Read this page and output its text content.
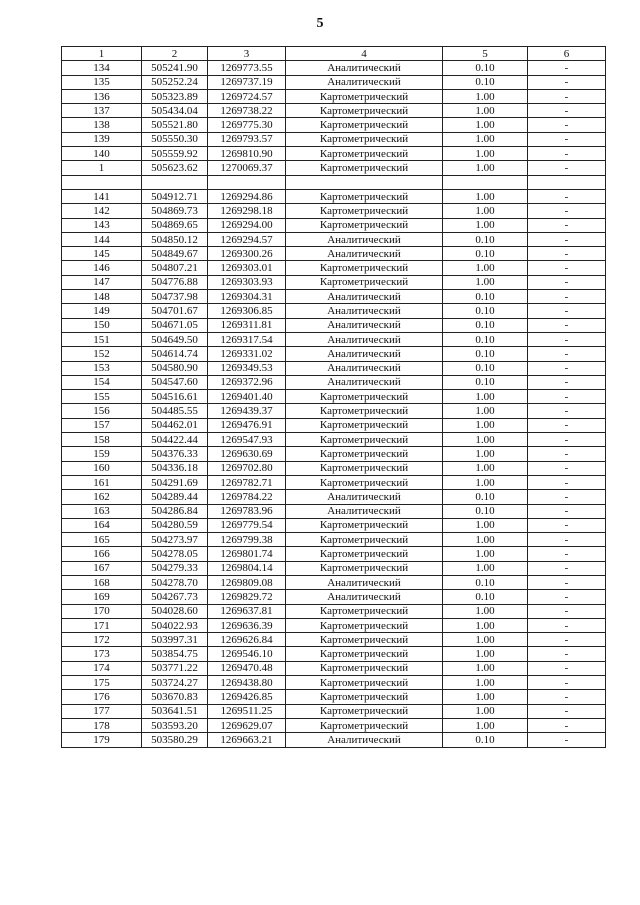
5
1	2	3	4	5	6
134	505241.90	1269773.55	Аналитический	0.10	-
135	505252.24	1269737.19	Аналитический	0.10	-
136	505323.89	1269724.57	Картометрический	1.00	-
137	505434.04	1269738.22	Картометрический	1.00	-
138	505521.80	1269775.30	Картометрический	1.00	-
139	505550.30	1269793.57	Картометрический	1.00	-
140	505559.92	1269810.90	Картометрический	1.00	-
1	505623.62	1270069.37	Картометрический	1.00	-

141	504912.71	1269294.86	Картометрический	1.00	-
142	504869.73	1269298.18	Картометрический	1.00	-
143	504869.65	1269294.00	Картометрический	1.00	-
144	504850.12	1269294.57	Аналитический	0.10	-
145	504849.67	1269300.26	Аналитический	0.10	-
146	504807.21	1269303.01	Картометрический	1.00	-
147	504776.88	1269303.93	Картометрический	1.00	-
148	504737.98	1269304.31	Аналитический	0.10	-
149	504701.67	1269306.85	Аналитический	0.10	-
150	504671.05	1269311.81	Аналитический	0.10	-
151	504649.50	1269317.54	Аналитический	0.10	-
152	504614.74	1269331.02	Аналитический	0.10	-
153	504580.90	1269349.53	Аналитический	0.10	-
154	504547.60	1269372.96	Аналитический	0.10	-
155	504516.61	1269401.40	Картометрический	1.00	-
156	504485.55	1269439.37	Картометрический	1.00	-
157	504462.01	1269476.91	Картометрический	1.00	-
158	504422.44	1269547.93	Картометрический	1.00	-
159	504376.33	1269630.69	Картометрический	1.00	-
160	504336.18	1269702.80	Картометрический	1.00	-
161	504291.69	1269782.71	Картометрический	1.00	-
162	504289.44	1269784.22	Аналитический	0.10	-
163	504286.84	1269783.96	Аналитический	0.10	-
164	504280.59	1269779.54	Картометрический	1.00	-
165	504273.97	1269799.38	Картометрический	1.00	-
166	504278.05	1269801.74	Картометрический	1.00	-
167	504279.33	1269804.14	Картометрический	1.00	-
168	504278.70	1269809.08	Аналитический	0.10	-
169	504267.73	1269829.72	Аналитический	0.10	-
170	504028.60	1269637.81	Картометрический	1.00	-
171	504022.93	1269636.39	Картометрический	1.00	-
172	503997.31	1269626.84	Картометрический	1.00	-
173	503854.75	1269546.10	Картометрический	1.00	-
174	503771.22	1269470.48	Картометрический	1.00	-
175	503724.27	1269438.80	Картометрический	1.00	-
176	503670.83	1269426.85	Картометрический	1.00	-
177	503641.51	1269511.25	Картометрический	1.00	-
178	503593.20	1269629.07	Картометрический	1.00	-
179	503580.29	1269663.21	Аналитический	0.10	-
